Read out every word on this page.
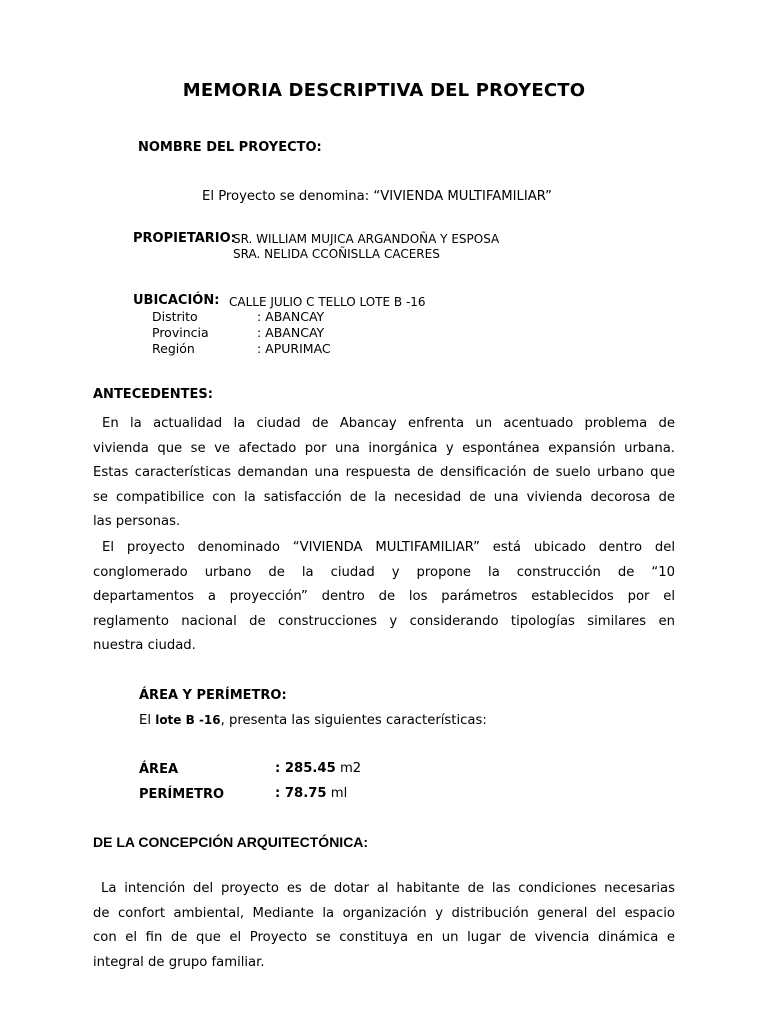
MEMORIA DESCRIPTIVA DEL PROYECTO
NOMBRE DEL PROYECTO:
El Proyecto se denomina: “VIVIENDA MULTIFAMILIAR”
PROPIETARIO:
SR. WILLIAM MUJICA ARGANDOÑA Y ESPOSA
SRA. NELIDA CCOÑISLLA CACERES
UBICACIÓN: CALLE JULIO C TELLO LOTE B -16
Distrito	: ABANCAY
Provincia	: ABANCAY
Región	: APURIMAC
ANTECEDENTES:
En la actualidad la ciudad de Abancay enfrenta un acentuado problema de
vivienda que se ve afectado por una inorgánica y espontánea expansión urbana.
Estas características demandan una respuesta de densificación de suelo urbano que
se compatibilice con la satisfacción de la necesidad de una vivienda decorosa de
las personas.
El proyecto denominado “VIVIENDA MULTIFAMILIAR” está ubicado dentro del
conglomerado urbano de la ciudad y propone la construcción de “10
departamentos a proyección” dentro de los parámetros establecidos por el
reglamento nacional de construcciones y considerando tipologías similares en
nuestra ciudad.
ÁREA Y PERÍMETRO:
El lote B -16, presenta las siguientes características:
ÁREA	: 285.45 m2
PERÍMETRO	: 78.75 ml
DE LA CONCEPCIÓN ARQUITECTÓNICA:
La intención del proyecto es de dotar al habitante de las condiciones necesarias
de confort ambiental, Mediante la organización y distribución general del espacio
con el fin de que el Proyecto se constituya en un lugar de vivencia dinámica e
integral de grupo familiar.
